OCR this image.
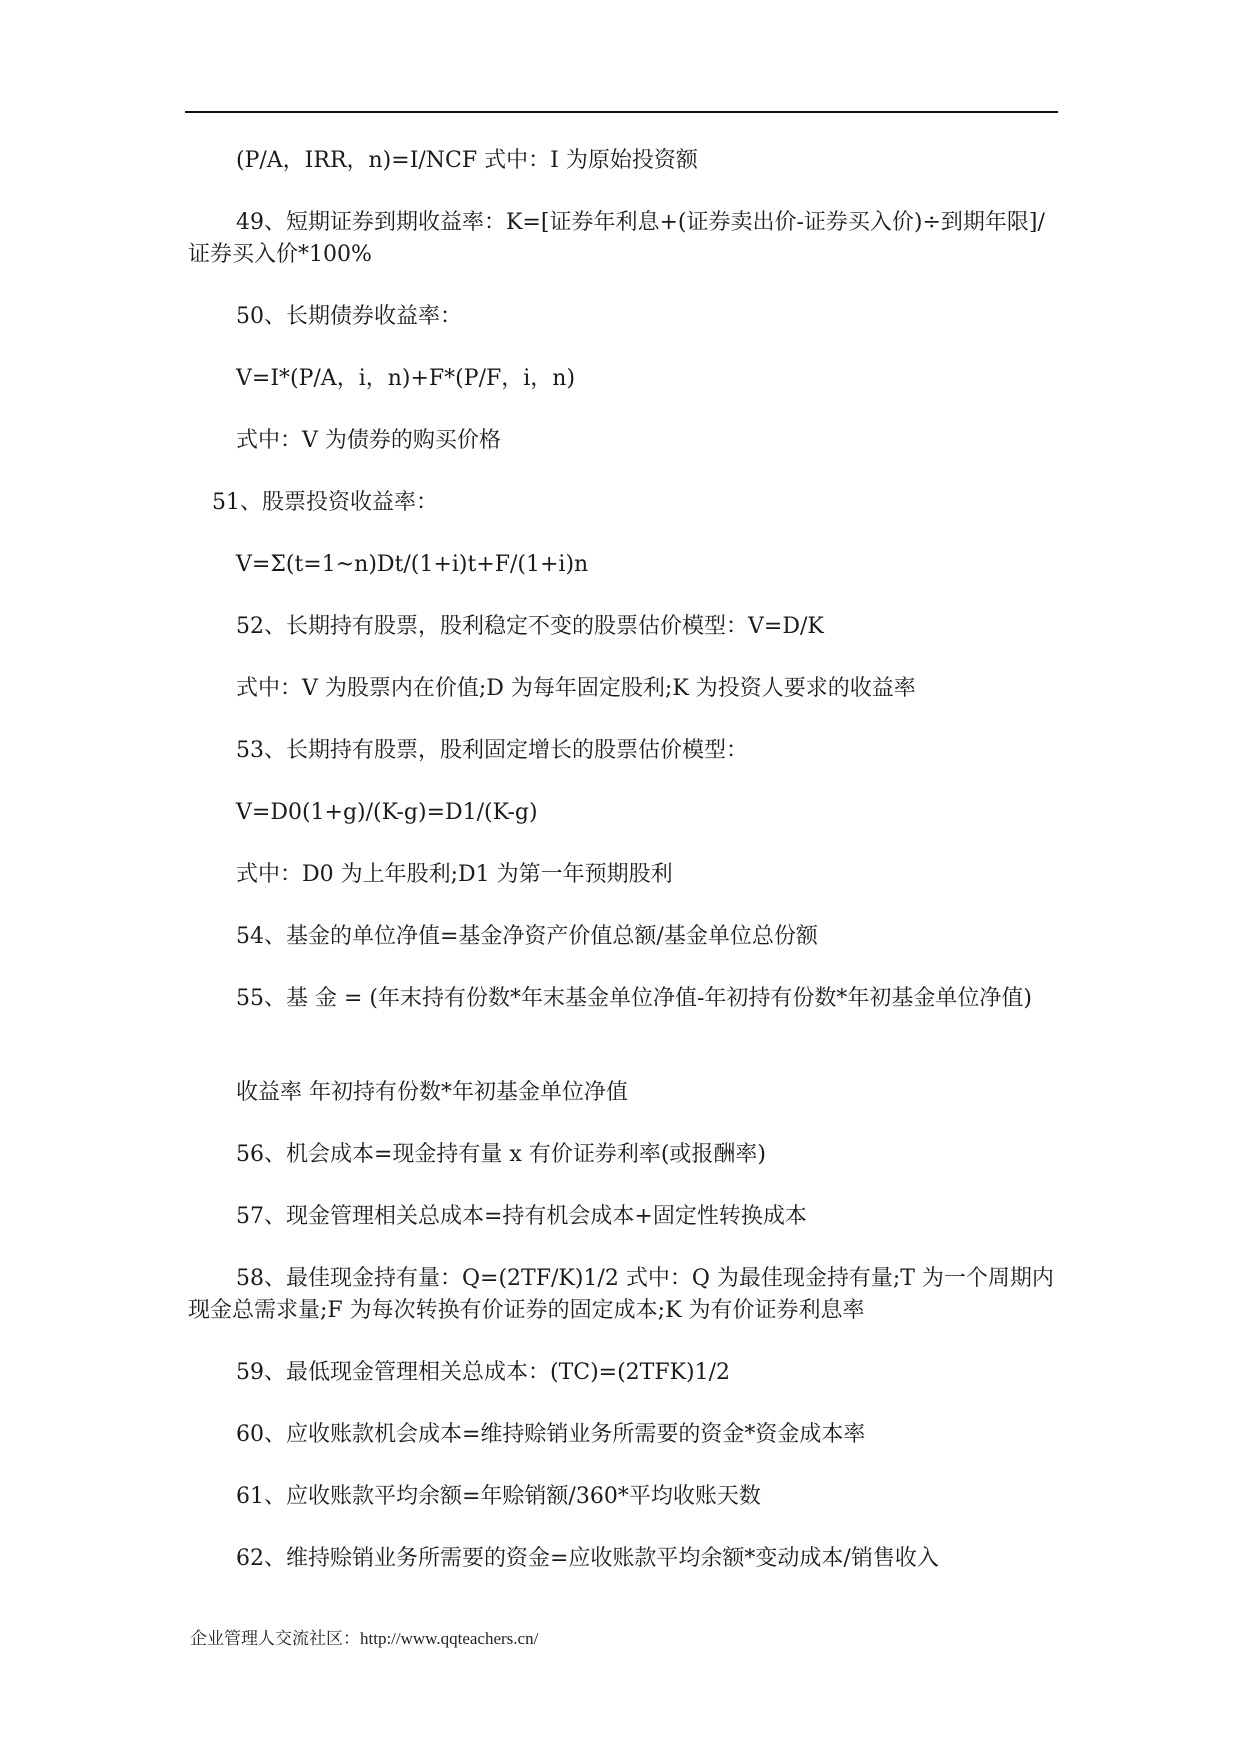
(P/A，IRR，n)=I/NCF 式中：I 为原始投资额

49、短期证券到期收益率：K=[证券年利息+(证券卖出价-证券买入价)÷到期年限]/证券买入价*100%

50、长期债券收益率：

V=I*(P/A，i，n)+F*(P/F，i，n)

式中：V 为债券的购买价格

51、股票投资收益率：

V=Σ(t=1~n)Dt/(1+i)t+F/(1+i)n

52、长期持有股票，股利稳定不变的股票估价模型：V=D/K

式中：V 为股票内在价值;D 为每年固定股利;K 为投资人要求的收益率

53、长期持有股票，股利固定增长的股票估价模型：

V=D0(1+g)/(K-g)=D1/(K-g)

式中：D0 为上年股利;D1 为第一年预期股利

54、基金的单位净值=基金净资产价值总额/基金单位总份额

55、基 金 = (年末持有份数*年末基金单位净值-年初持有份数*年初基金单位净值)

收益率 年初持有份数*年初基金单位净值

56、机会成本=现金持有量 x 有价证券利率(或报酬率)

57、现金管理相关总成本=持有机会成本+固定性转换成本

58、最佳现金持有量：Q=(2TF/K)1/2 式中：Q 为最佳现金持有量;T 为一个周期内现金总需求量;F 为每次转换有价证券的固定成本;K 为有价证券利息率

59、最低现金管理相关总成本：(TC)=(2TFK)1/2

60、应收账款机会成本=维持赊销业务所需要的资金*资金成本率

61、应收账款平均余额=年赊销额/360*平均收账天数

62、维持赊销业务所需要的资金=应收账款平均余额*变动成本/销售收入

企业管理人交流社区：http://www.qqteachers.cn/
